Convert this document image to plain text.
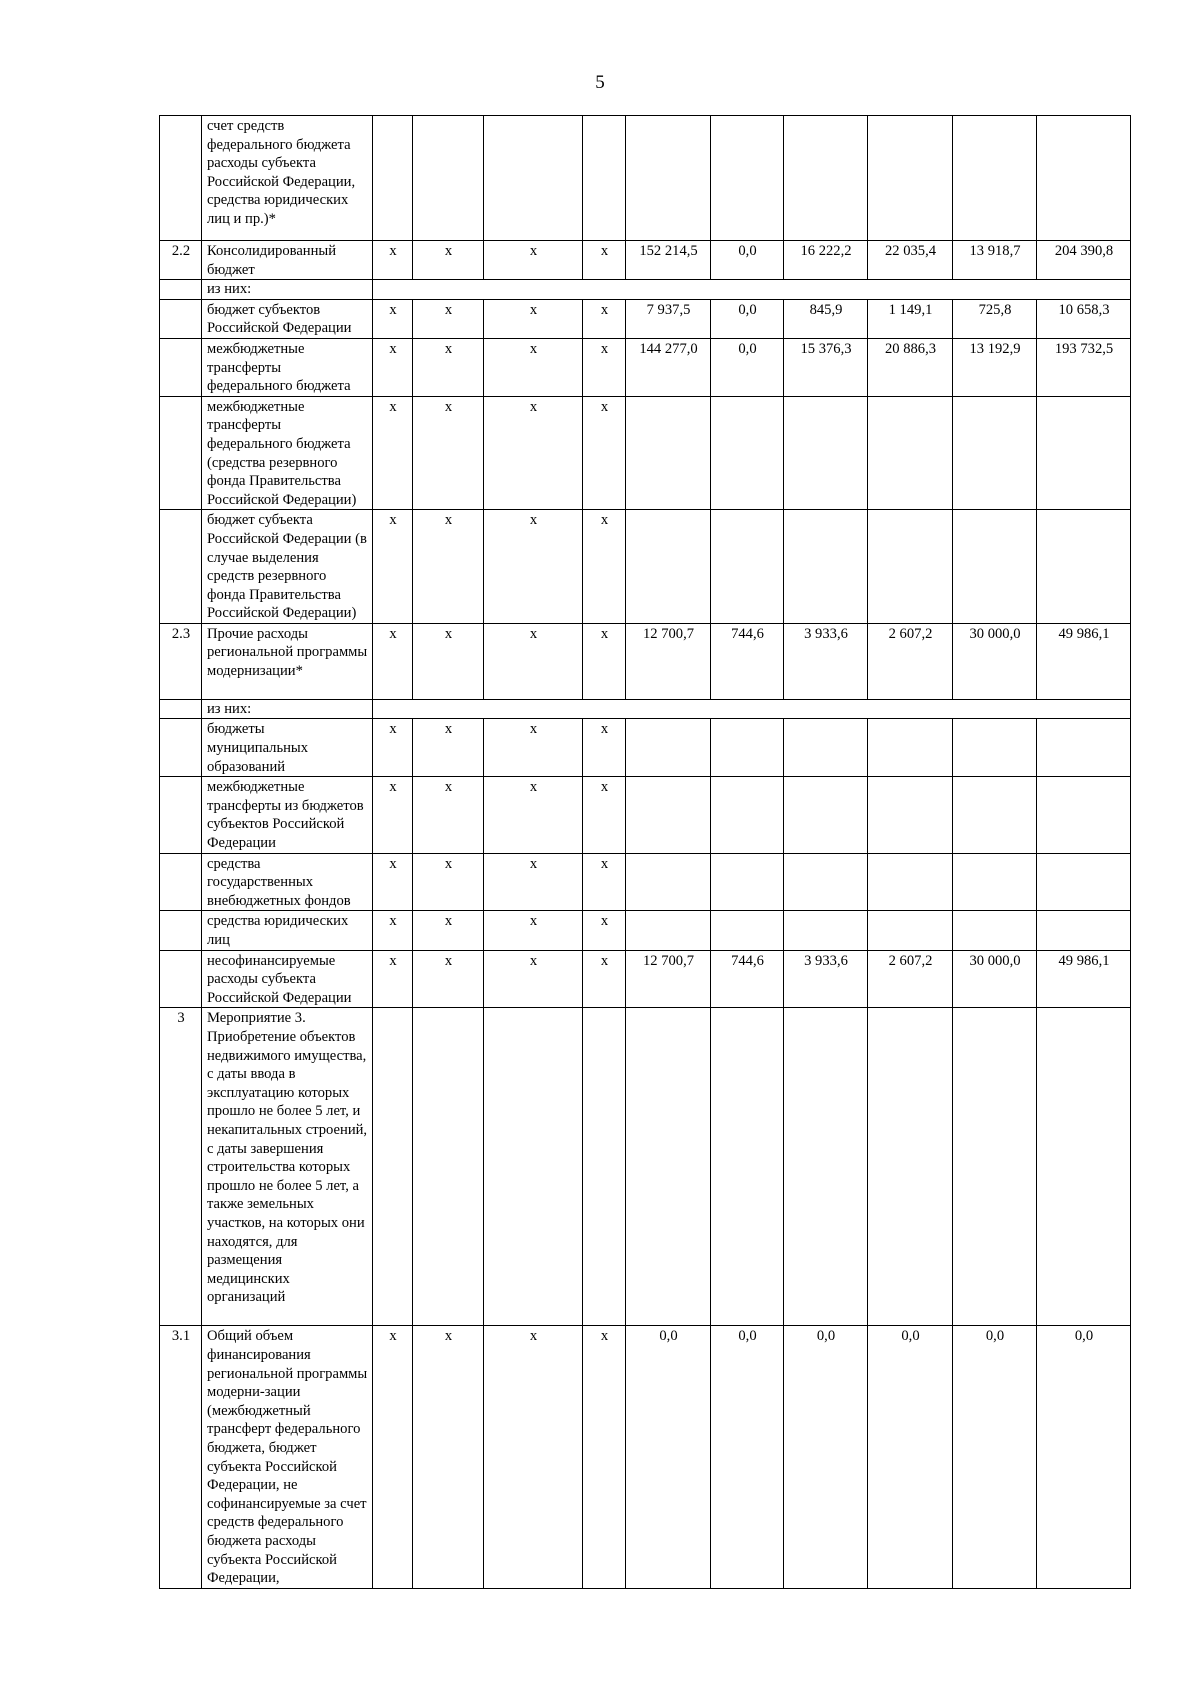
5
	счет средств федерального бюджета расходы субъекта Российской Федерации, средства юридических лиц и пр.)*										
2.2	Консолидированный бюджет	х	х	х	х	152 214,5	0,0	16 222,2	22 035,4	13 918,7	204 390,8
	из них:										
	бюджет субъектов Российской Федерации	х	х	х	х	7 937,5	0,0	845,9	1 149,1	725,8	10 658,3
	межбюджетные трансферты федерального бюджета	х	х	х	х	144 277,0	0,0	15 376,3	20 886,3	13 192,9	193 732,5
	межбюджетные трансферты федерального бюджета (средства резервного фонда Правительства Российской Федерации)	х	х	х	х						
	бюджет субъекта Российской Федерации (в случае выделения средств резервного фонда Правительства Российской Федерации)	х	х	х	х						
2.3	Прочие расходы региональной программы модернизации*	х	х	х	х	12 700,7	744,6	3 933,6	2 607,2	30 000,0	49 986,1
	из них:										
	бюджеты муниципальных образований	х	х	х	х						
	межбюджетные трансферты из бюджетов субъектов Российской Федерации	х	х	х	х						
	средства государственных внебюджетных фондов	х	х	х	х						
	средства юридических лиц	х	х	х	х						
	несофинансируемые расходы субъекта Российской Федерации	х	х	х	х	12 700,7	744,6	3 933,6	2 607,2	30 000,0	49 986,1
3	Мероприятие 3. Приобретение объектов недвижимого имущества, с даты ввода в эксплуатацию которых прошло не более 5 лет, и некапитальных строений, с даты завершения строительства которых прошло не более 5 лет, а также земельных участков, на которых они находятся, для размещения медицинских организаций										
3.1	Общий объем финансирования региональной программы модерни-зации (межбюджетный трансферт федерального бюджета, бюджет субъекта Российской Федерации, не софинансируемые за счет средств федерального бюджета расходы субъекта Российской Федерации,	х	х	х	х	0,0	0,0	0,0	0,0	0,0	0,0
